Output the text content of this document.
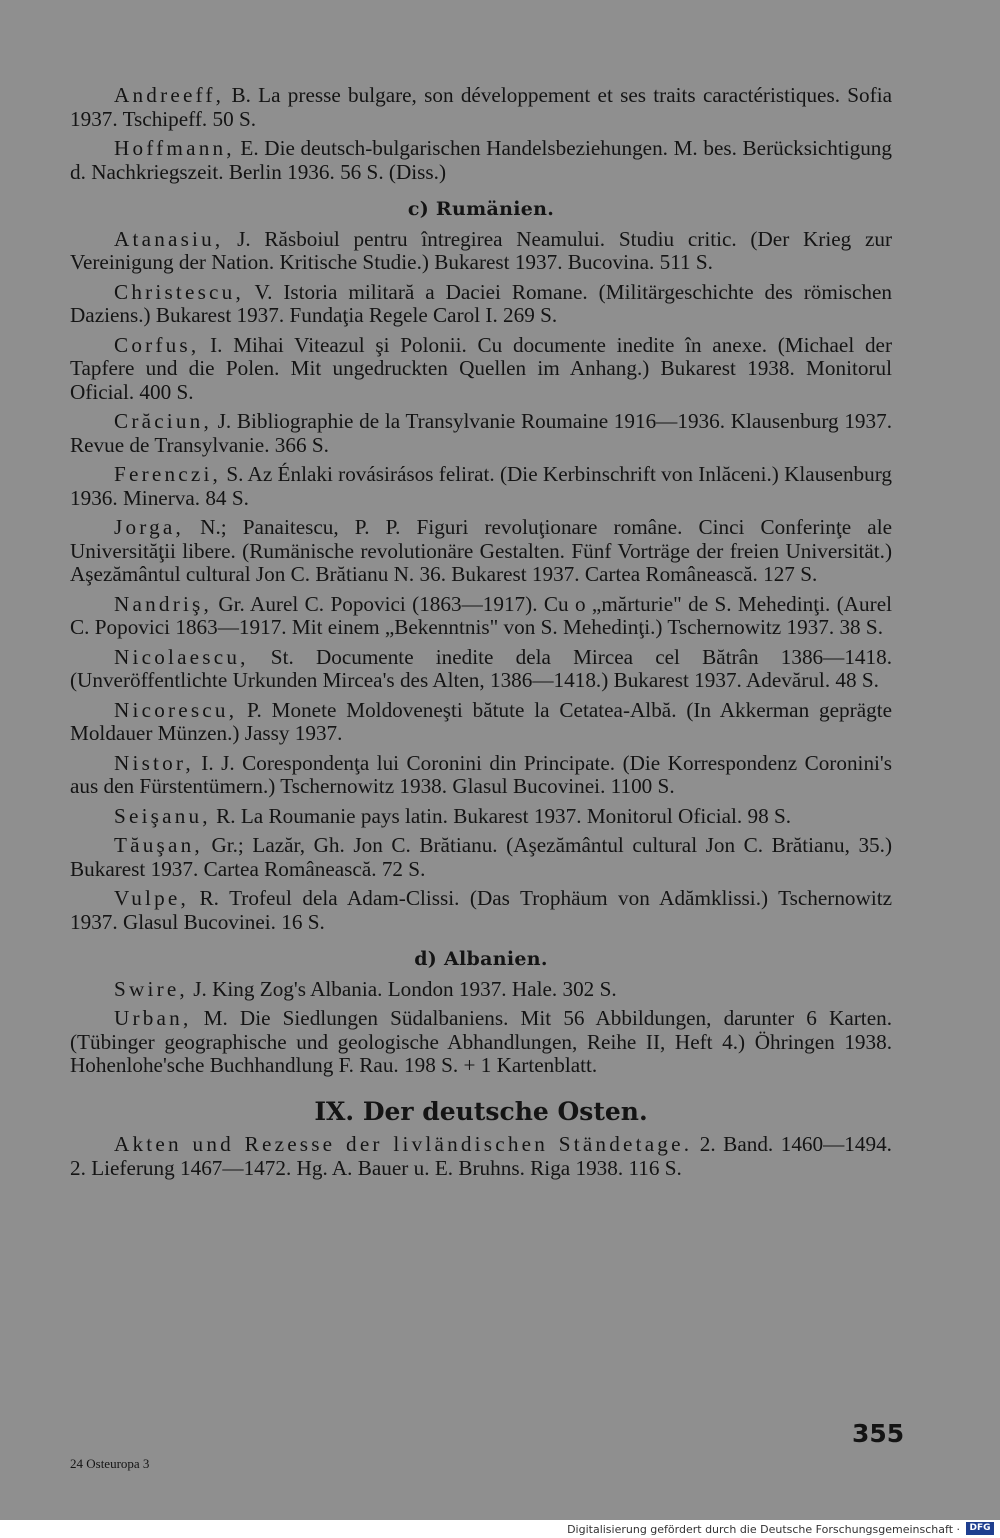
Andreeff, B. La presse bulgare, son développement et ses traits caractéristiques. Sofia 1937. Tschipeff. 50 S.

Hoffmann, E. Die deutsch-bulgarischen Handelsbeziehungen. M. bes. Berücksichtigung d. Nachkriegszeit. Berlin 1936. 56 S. (Diss.)

c) Rumänien.

Atanasiu, J. Răsboiul pentru întregirea Neamului. Studiu critic. (Der Krieg zur Vereinigung der Nation. Kritische Studie.) Bukarest 1937. Bucovina. 511 S.

Christescu, V. Istoria militară a Daciei Romane. (Militärgeschichte des römischen Daziens.) Bukarest 1937. Fundaţia Regele Carol I. 269 S.

Corfus, I. Mihai Viteazul şi Polonii. Cu documente inedite în anexe. (Michael der Tapfere und die Polen. Mit ungedruckten Quellen im Anhang.) Bukarest 1938. Monitorul Oficial. 400 S.

Crăciun, J. Bibliographie de la Transylvanie Roumaine 1916—1936. Klausenburg 1937. Revue de Transylvanie. 366 S.

Ferenczi, S. Az Énlaki rovásirásos felirat. (Die Kerbinschrift von Inlăceni.) Klausenburg 1936. Minerva. 84 S.

Jorga, N.; Panaitescu, P. P. Figuri revoluţionare române. Cinci Conferinţe ale Universităţii libere. (Rumänische revolutionäre Gestalten. Fünf Vorträge der freien Universität.) Aşezământul cultural Jon C. Brătianu N. 36. Bukarest 1937. Cartea Românească. 127 S.

Nandriş, Gr. Aurel C. Popovici (1863—1917). Cu o „mărturie" de S. Mehedinţi. (Aurel C. Popovici 1863—1917. Mit einem „Bekenntnis" von S. Mehedinţi.) Tschernowitz 1937. 38 S.

Nicolaescu, St. Documente inedite dela Mircea cel Bătrân 1386—1418. (Unveröffentlichte Urkunden Mircea's des Alten, 1386—1418.) Bukarest 1937. Adevărul. 48 S.

Nicorescu, P. Monete Moldoveneşti bătute la Cetatea-Albă. (In Akkerman geprägte Moldauer Münzen.) Jassy 1937.

Nistor, I. J. Corespondenţa lui Coronini din Principate. (Die Korrespondenz Coronini's aus den Fürstentümern.) Tschernowitz 1938. Glasul Bucovinei. 1100 S.

Seişanu, R. La Roumanie pays latin. Bukarest 1937. Monitorul Oficial. 98 S.

Tăuşan, Gr.; Lazăr, Gh. Jon C. Brătianu. (Aşezământul cultural Jon C. Brătianu, 35.) Bukarest 1937. Cartea Românească. 72 S.

Vulpe, R. Trofeul dela Adam-Clissi. (Das Trophäum von Adămklissi.) Tschernowitz 1937. Glasul Bucovinei. 16 S.

d) Albanien.

Swire, J. King Zog's Albania. London 1937. Hale. 302 S.

Urban, M. Die Siedlungen Südalbaniens. Mit 56 Abbildungen, darunter 6 Karten. (Tübinger geographische und geologische Abhandlungen, Reihe II, Heft 4.) Öhringen 1938. Hohenlohe'sche Buchhandlung F. Rau. 198 S. + 1 Kartenblatt.

IX. Der deutsche Osten.

Akten und Rezesse der livländischen Ständetage. 2. Band. 1460—1494. 2. Lieferung 1467—1472. Hg. A. Bauer u. E. Bruhns. Riga 1938. 116 S.

355
24 Osteuropa 3
Digitalisierung gefördert durch die Deutsche Forschungsgemeinschaft ·	DFG
